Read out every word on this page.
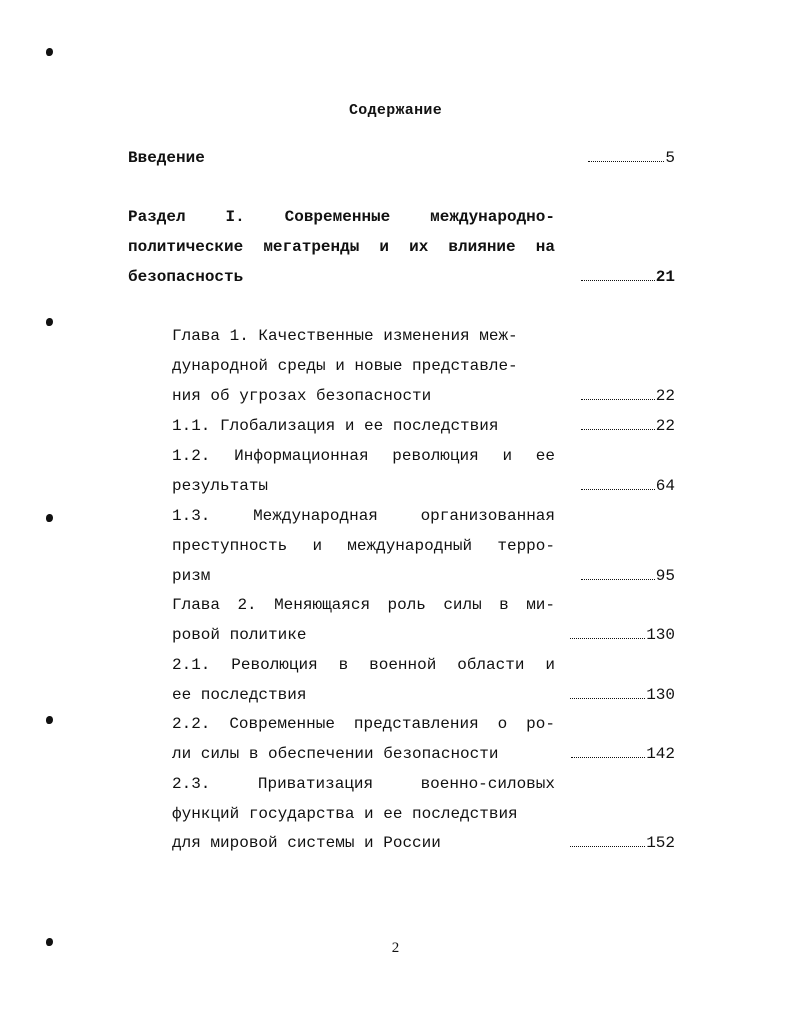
Содержание
Введение	5
Раздел I. Современные международно-
политические мегатренды и их влияние на
безопасность	21
Глава 1. Качественные изменения меж-
дународной среды и новые представле-
ния об угрозах безопасности	22
1.1. Глобализация и ее последствия	22
1.2. Информационная революция и ее
результаты	64
1.3.	Международная	организованная
преступность и международный терро-
ризм	95
Глава 2. Меняющаяся роль силы в ми-
ровой политике	130
2.1. Революция в военной области и
ее последствия	130
2.2. Современные представления о ро-
ли силы в обеспечении безопасности	142
2.3.	Приватизация	военно-силовых
функций государства и ее последствия
для мировой системы и России	152
2
